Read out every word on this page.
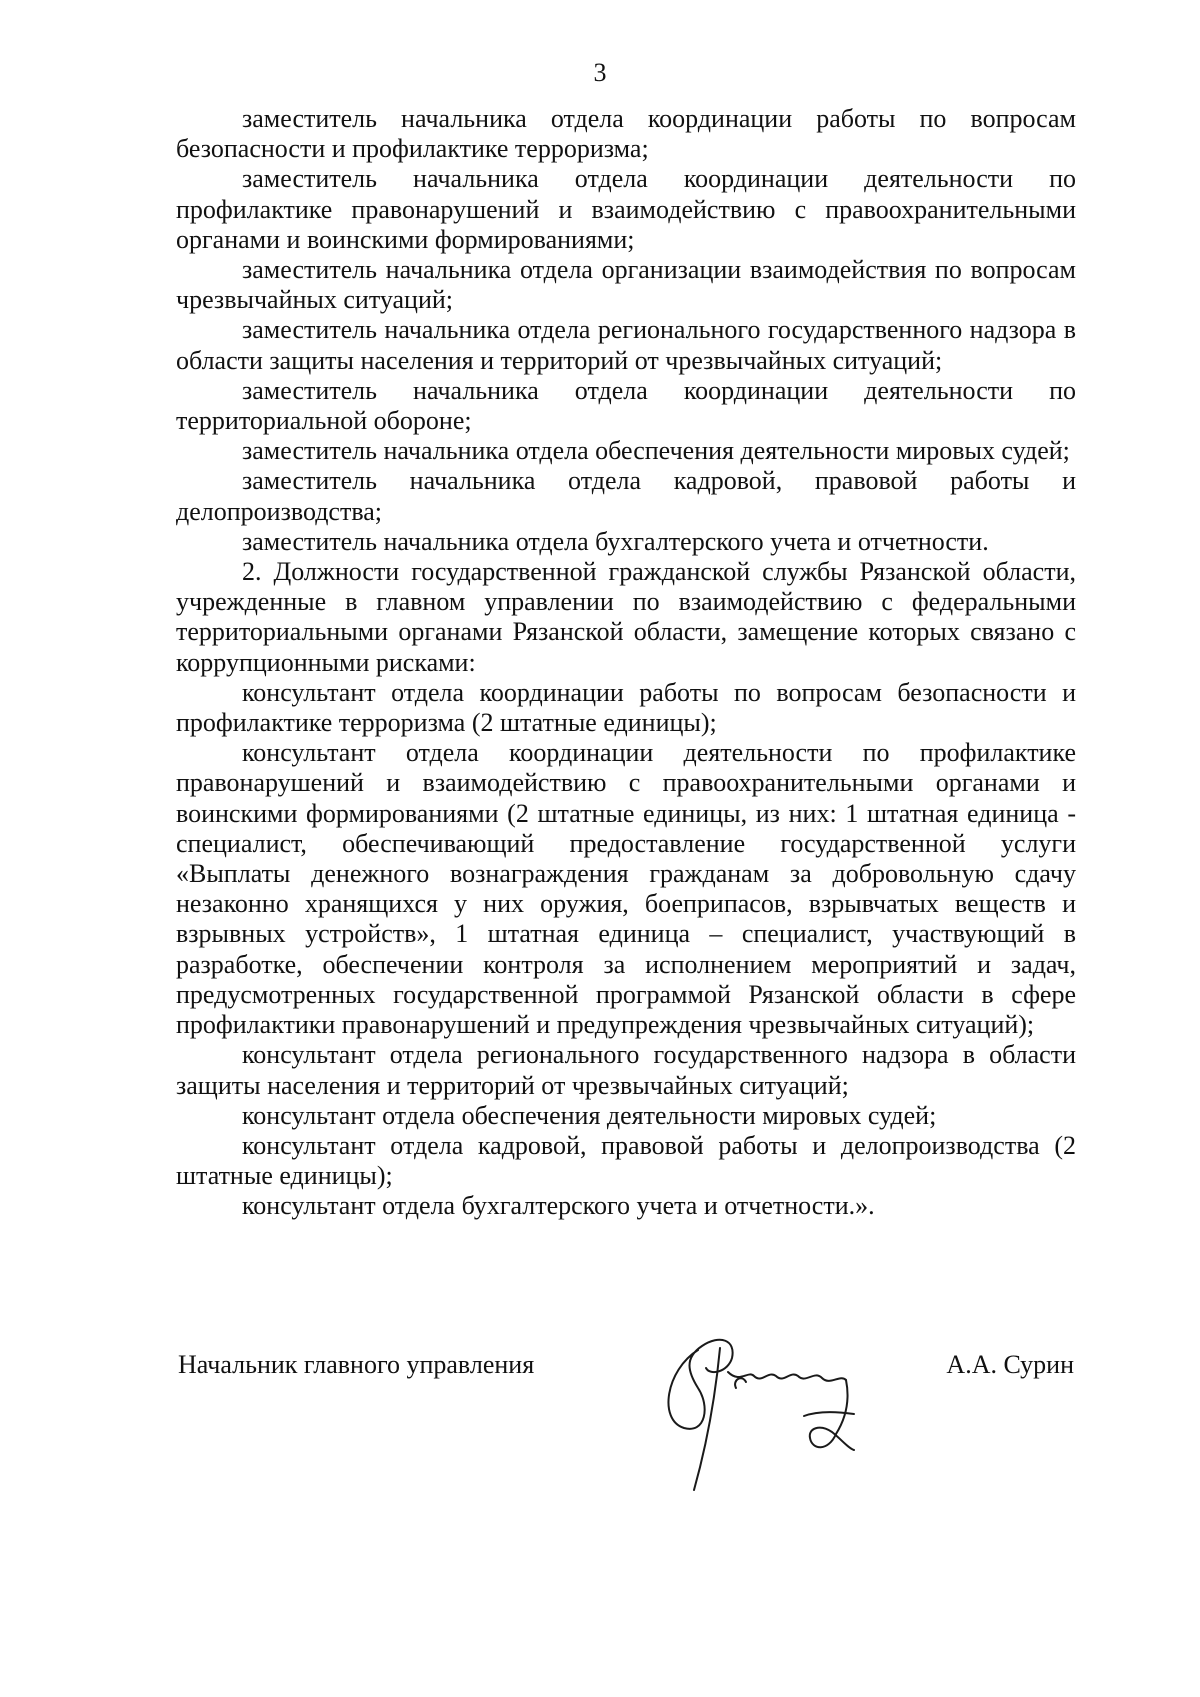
3

заместитель начальника отдела координации работы по вопросам безопасности и профилактике терроризма;

заместитель начальника отдела координации деятельности по профилактике правонарушений и взаимодействию с правоохранительными органами и воинскими формированиями;

заместитель начальника отдела организации взаимодействия по вопросам чрезвычайных ситуаций;

заместитель начальника отдела регионального государственного надзора в области защиты населения и территорий от чрезвычайных ситуаций;

заместитель начальника отдела координации деятельности по территориальной обороне;

заместитель начальника отдела обеспечения деятельности мировых судей;

заместитель начальника отдела кадровой, правовой работы и делопроизводства;

заместитель начальника отдела бухгалтерского учета и отчетности.

2. Должности государственной гражданской службы Рязанской области, учрежденные в главном управлении по взаимодействию с федеральными территориальными органами Рязанской области, замещение которых связано с коррупционными рисками:

консультант отдела координации работы по вопросам безопасности и профилактике терроризма (2 штатные единицы);

консультант отдела координации деятельности по профилактике правонарушений и взаимодействию с правоохранительными органами и воинскими формированиями (2 штатные единицы, из них: 1 штатная единица - специалист, обеспечивающий предоставление государственной услуги «Выплаты денежного вознаграждения гражданам за добровольную сдачу незаконно хранящихся у них оружия, боеприпасов, взрывчатых веществ и взрывных устройств», 1 штатная единица – специалист, участвующий в разработке, обеспечении контроля за исполнением мероприятий и задач, предусмотренных государственной программой Рязанской области в сфере профилактики правонарушений и предупреждения чрезвычайных ситуаций);

консультант отдела регионального государственного надзора в области защиты населения и территорий от чрезвычайных ситуаций;

консультант отдела обеспечения деятельности мировых судей;

консультант отдела кадровой, правовой работы и делопроизводства (2 штатные единицы);

консультант отдела бухгалтерского учета и отчетности.».

Начальник главного управления	А.А. Сурин
